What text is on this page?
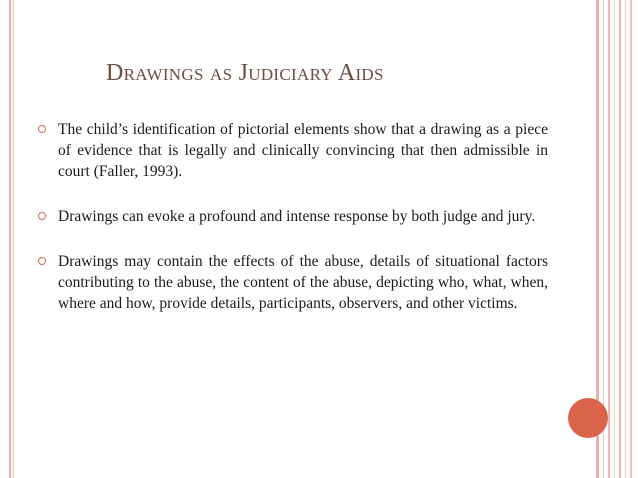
Drawings as Judiciary Aids
The child’s identification of pictorial elements show that a drawing as a piece of evidence that is legally and clinically convincing that then admissible in court (Faller, 1993).
Drawings can evoke a profound and intense response by both judge and jury.
Drawings may contain the effects of the abuse, details of situational factors contributing to the abuse, the content of the abuse, depicting who, what, when, where and how, provide details, participants, observers, and other victims.
